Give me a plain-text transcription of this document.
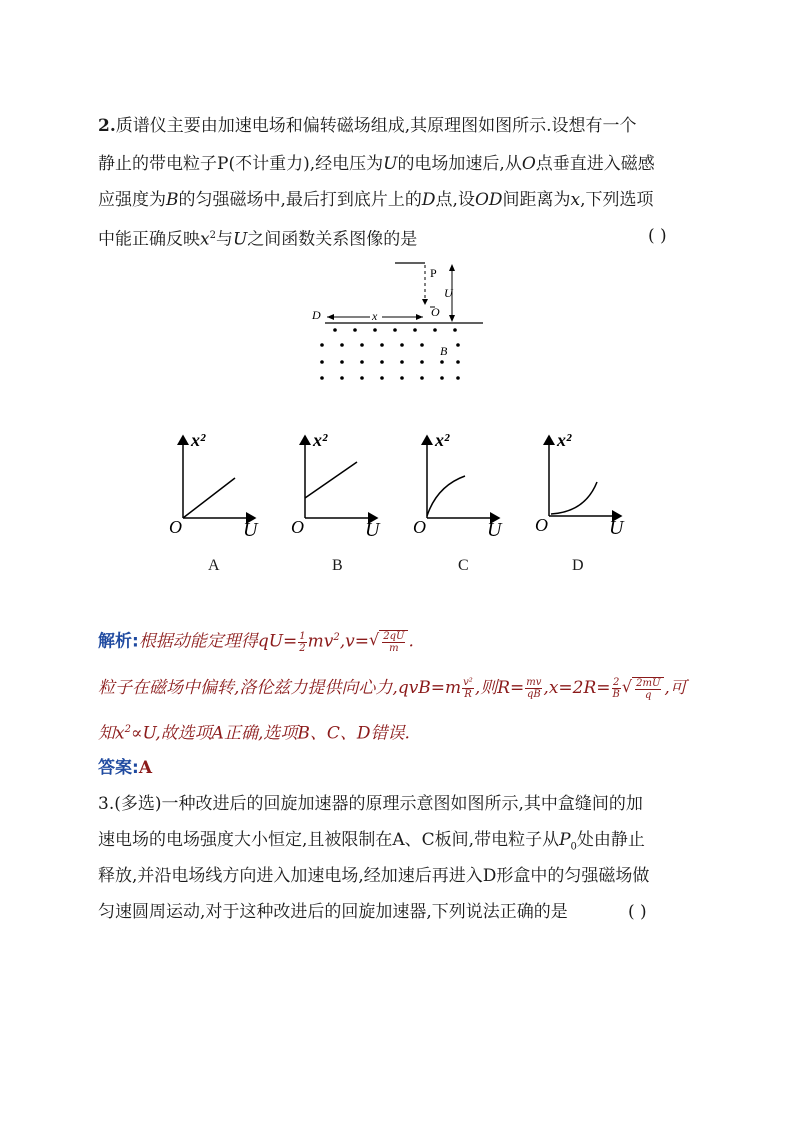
2.质谱仪主要由加速电场和偏转磁场组成,其原理图如图所示.设想有一个
静止的带电粒子P(不计重力),经电压为U的电场加速后,从O点垂直进入磁感
应强度为B的匀强磁场中,最后打到底片上的D点,设OD间距离为x,下列选项
中能正确反映$x^2$与U之间函数关系图像的是	( )
P
U
O
D	x
B
x²
O	U
x²
O	U
x²
O	U
x²
O	U
A	B	C	D
解析:根据动能定理得$qU= \frac{1}{2} mv^2,v=√ \frac{2qU}{m}$ .
粒子在磁场中偏转,洛伦兹力提供向心力$,qvB=m \frac{\text{v²}}{R}$ ,则$R= \frac{mv}{qB} ,x=2R= \frac{2}{B}$ √ $\frac{2mU}{q}$ ,可
知$x^2\propto U$,故选项A正确,选项B、C、D错误.
答案:A
3.(多选)一种改进后的回旋加速器的原理示意图如图所示,其中盒缝间的加
速电场的电场强度大小恒定,且被限制在A、C板间,带电粒子从$P_0$处由静止
释放,并沿电场线方向进入加速电场,经加速后再进入D形盒中的匀强磁场做
匀速圆周运动,对于这种改进后的回旋加速器,下列说法正确的是	( )
